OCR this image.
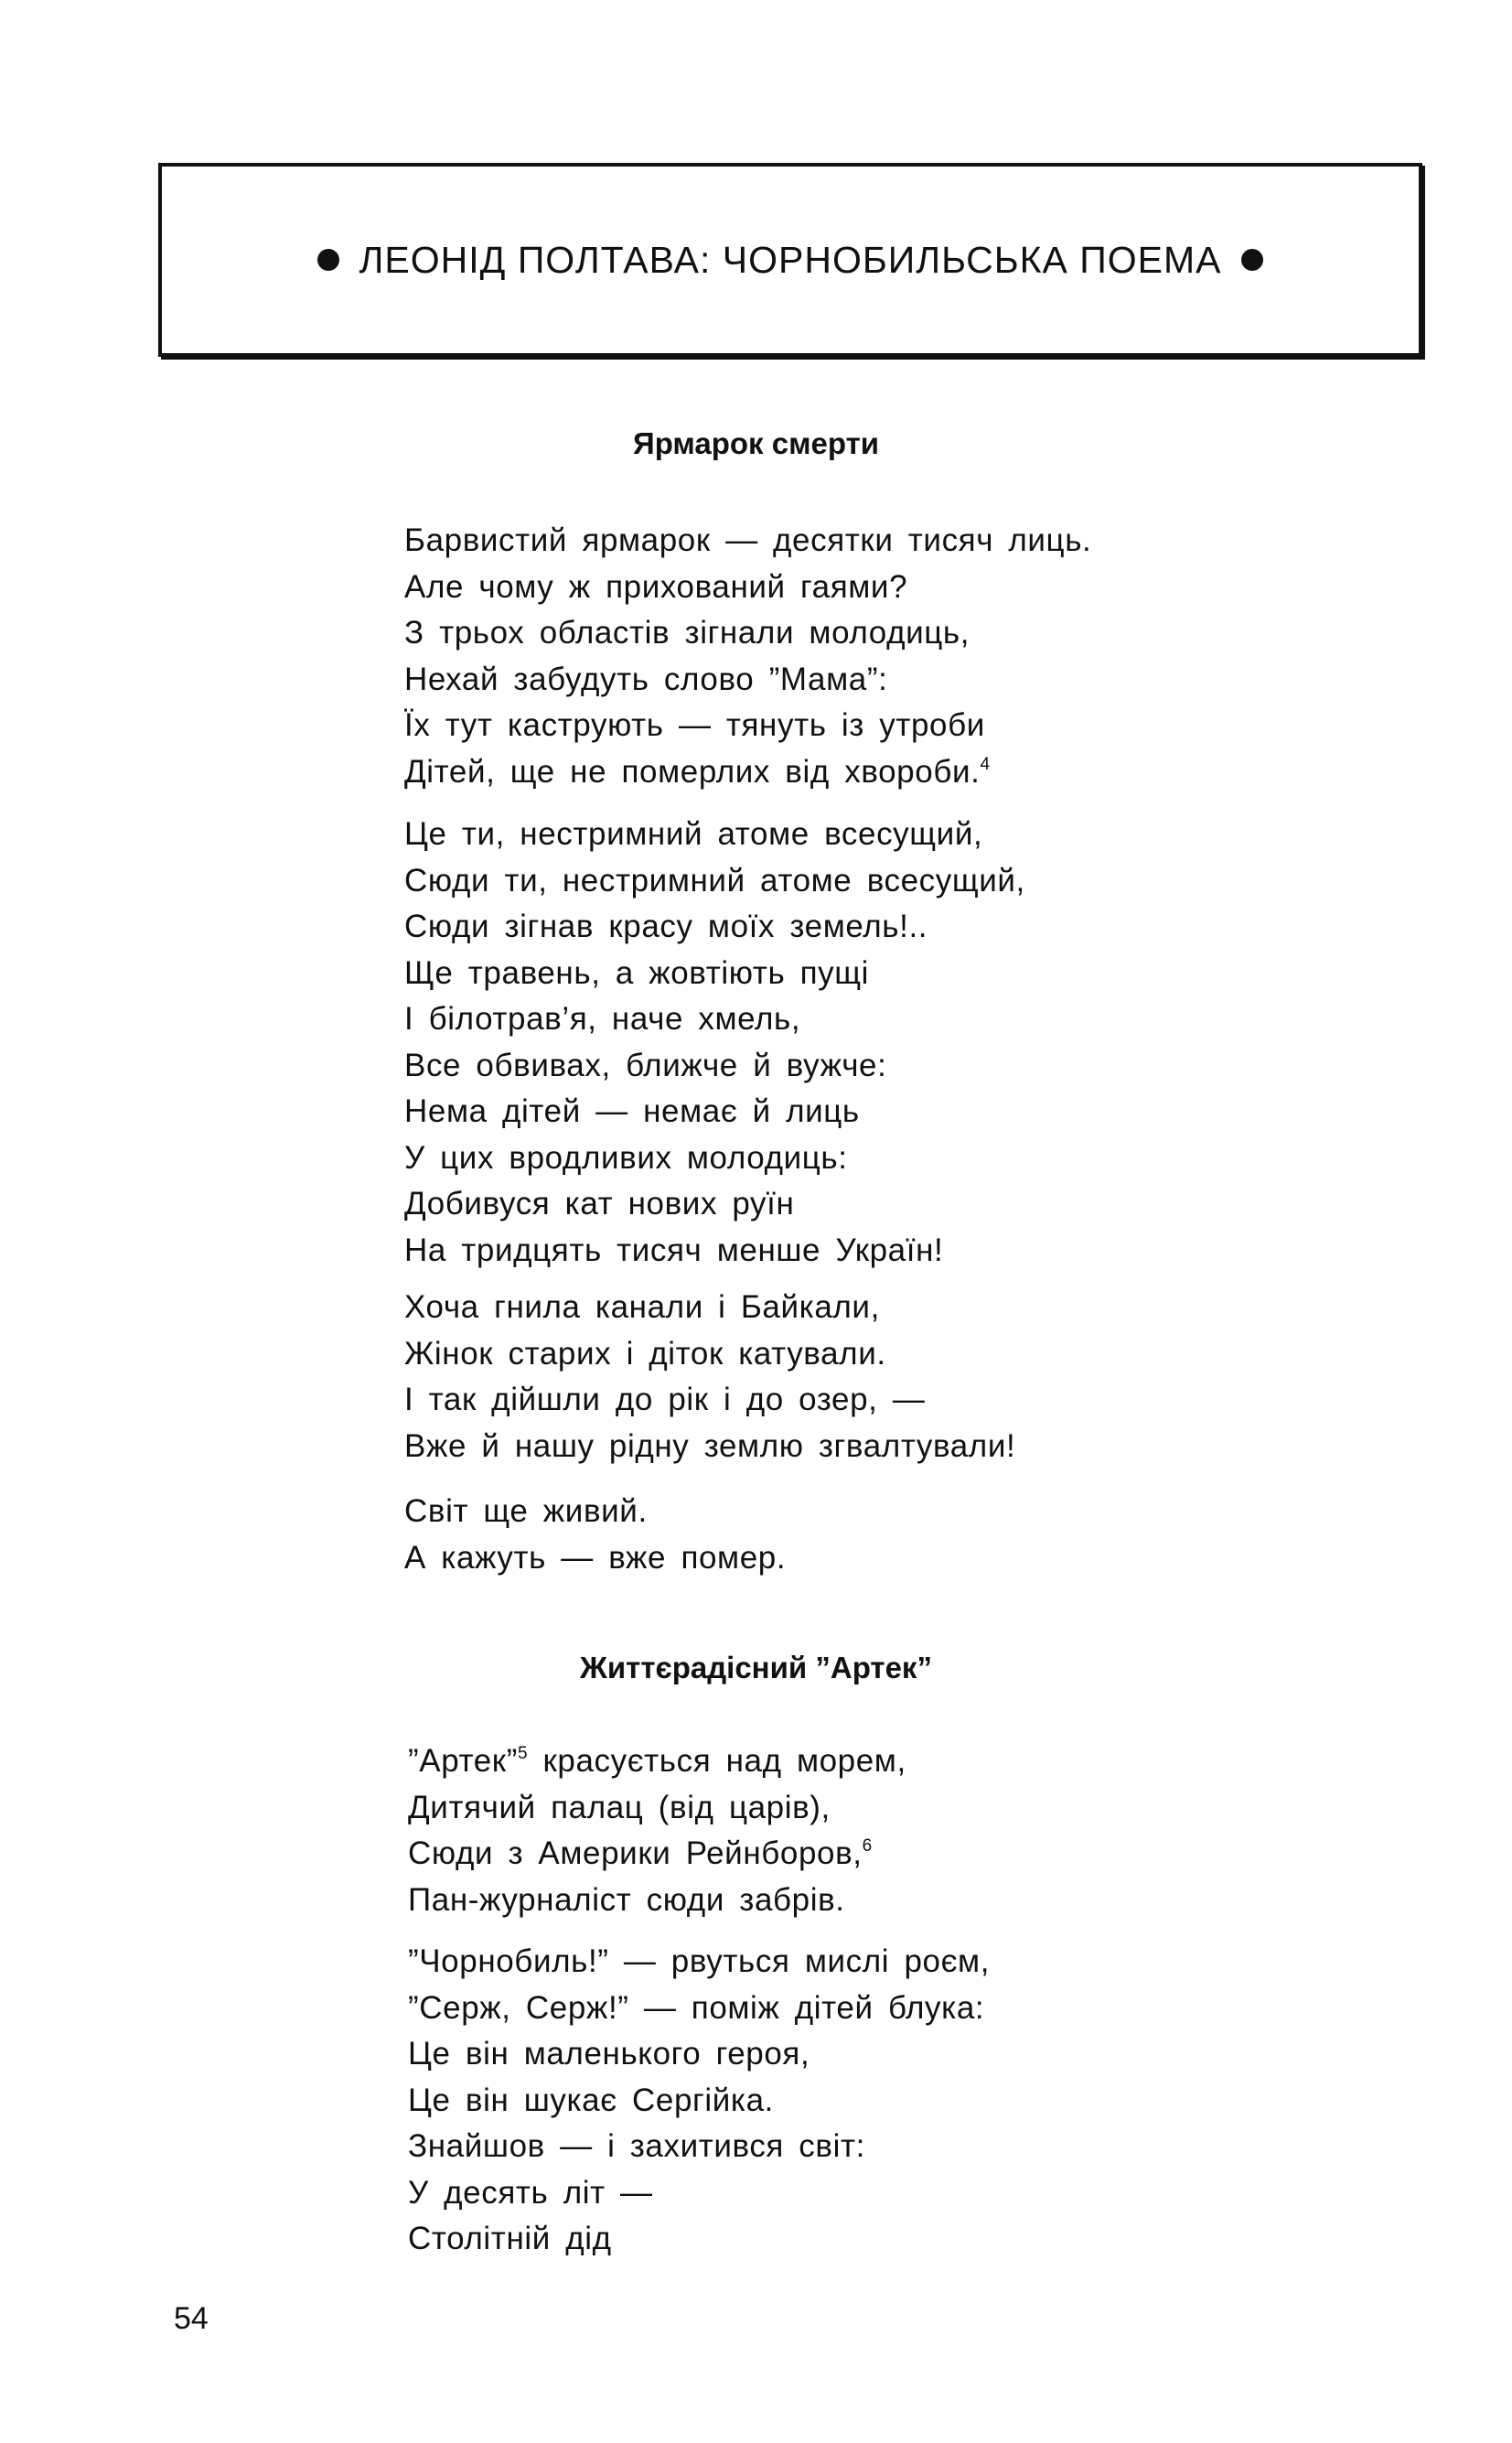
ЛЕОНІД ПОЛТАВА: ЧОРНОБИЛЬСЬКА ПОЕМА
Ярмарок смерти
Барвистий ярмарок — десятки тисяч лиць.
Але чому ж прихований гаями?
З трьох областів зігнали молодиць,
Нехай забудуть слово ”Мама”:
Їх тут каструють — тянуть із утроби
Дітей, ще не померлих від хвороби.$^4$
Це ти, нестримний атоме всесущий,
Сюди ти, нестримний атоме всесущий,
Сюди зігнав красу моїх земель!..
Ще травень, а жовтіють пущі
І білотрав’я, наче хмель,
Все обвивах, ближче й вужче:
Нема дітей — немає й лиць
У цих вродливих молодиць:
Добивуся кат нових руїн
На тридцять тисяч менше Україн!
Хоча гнила канали і Байкали,
Жінок старих і діток катували.
І так дійшли до рік і до озер, —
Вже й нашу рідну землю згвалтували!
Світ ще живий.
А кажуть — вже помер.
Життєрадісний ”Артек”
”Артек”$^5$ красується над морем,
Дитячий палац (від царів),
Сюди з Америки Рейнборов,$^6$
Пан-журналіст сюди забрів.
”Чорнобиль!” — рвуться мислі роєм,
”Серж, Серж!” — поміж дітей блука:
Це він маленького героя,
Це він шукає Сергійка.
Знайшов — і захитився світ:
У десять літ —
Столітній дід
54
